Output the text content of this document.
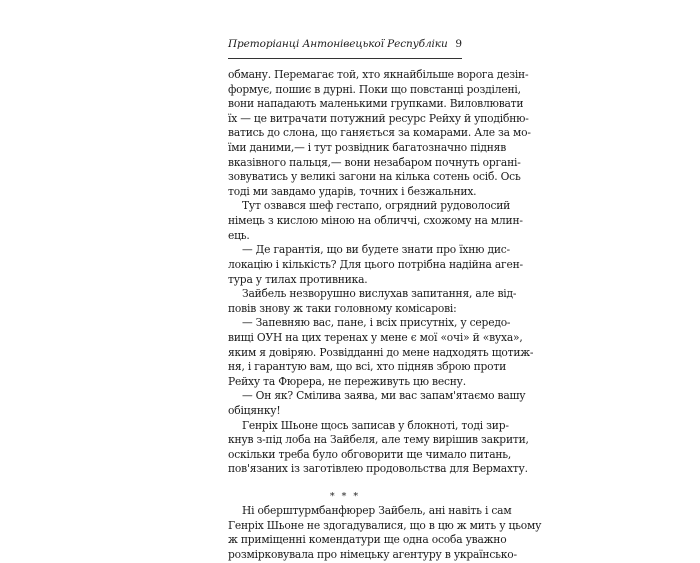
Преторіанці Антонівецької Республіки 9
обману. Перемагає той, хто якнайбільше ворога дезін-
формує, пошиє в дурні. Поки що повстанці розділені,
вони нападають маленькими групками. Виловлювати
їх — це витрачати потужний ресурс Рейху й уподібню-
ватись до слона, що ганяється за комарами. Але за мо-
їми даними,— і тут розвідник багатозначно підняв
вказівного пальця,— вони незабаром почнуть органі-
зовуватись у великі загони на кілька сотень осіб. Ось
тоді ми завдамо ударів, точних і безжальних.
Тут озвався шеф гестапо, огрядний рудоволосий
німець з кислою міною на обличчі, схожому на млин-
ець.
— Де гарантія, що ви будете знати про їхню дис-
локацію і кількість? Для цього потрібна надійна аген-
тура у тилах противника.
Зайбель незворушно вислухав запитання, але від-
повів знову ж таки головному комісарові:
— Запевняю вас, пане, і всіх присутніх, у середо-
вищі ОУН на цих теренах у мене є мої «очі» й «вуха»,
яким я довіряю. Розвідданні до мене надходять щотиж-
ня, і гарантую вам, що всі, хто підняв зброю проти
Рейху та Фюрера, не переживуть цю весну.
— Он як? Смілива заява, ми вас запам'ятаємо вашу
обіцянку!
Генріх Шьоне щось записав у блокноті, тоді зир-
кнув з-під лоба на Зайбеля, але тему вирішив закрити,
оскільки треба було обговорити ще чимало питань,
пов'язаних із заготівлею продовольства для Вермахту.
* * *
Ні оберштурмбанфюрер Зайбель, ані навіть і сам
Генріх Шьоне не здогадувалися, що в цю ж мить у цьому
ж приміщенні комендатури ще одна особа уважно
розмірковувала про німецьку агентуру в українсько-
